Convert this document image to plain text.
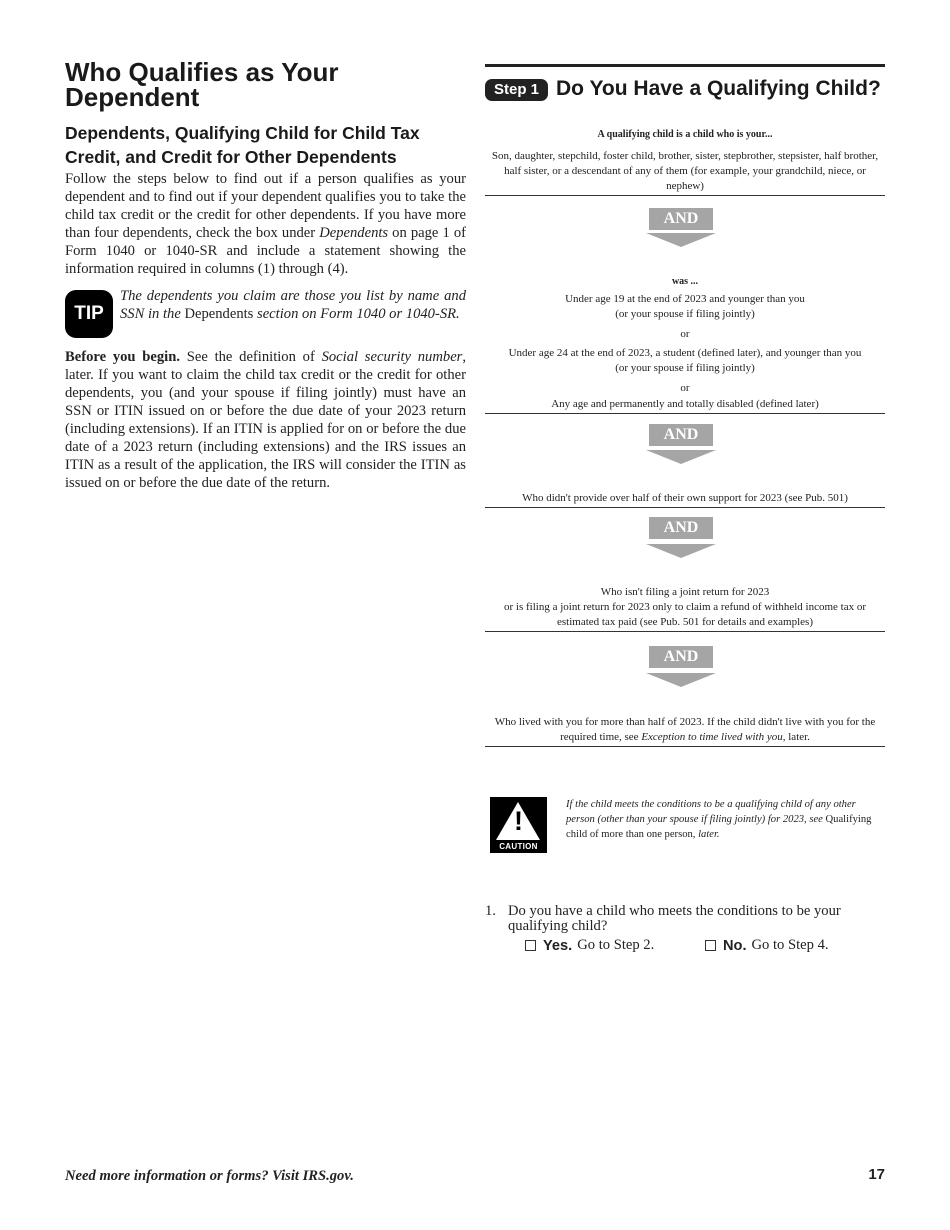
Who Qualifies as Your Dependent
Dependents, Qualifying Child for Child Tax Credit, and Credit for Other Dependents

Follow the steps below to find out if a person qualifies as your dependent and to find out if your dependent qualifies you to take the child tax credit or the credit for other dependents. If you have more than four dependents, check the box under Dependents on page 1 of Form 1040 or 1040-SR and include a statement showing the information required in columns (1) through (4).

TIP

The dependents you claim are those you list by name and SSN in the Dependents section on Form 1040 or 1040-SR.

Before you begin. See the definition of Social security number, later. If you want to claim the child tax credit or the credit for other dependents, you (and your spouse if filing jointly) must have an SSN or ITIN issued on or before the due date of your 2023 return (including extensions). If an ITIN is applied for on or before the due date of a 2023 return (including extensions) and the IRS issues an ITIN as a result of the application, the IRS will consider the ITIN as issued on or before the due date of the return.

Step 1 Do You Have a Qualifying Child?
A qualifying child is a child who is your...
Son, daughter, stepchild, foster child, brother, sister, stepbrother, stepsister, half brother, half sister, or a descendant of any of them (for example, your grandchild, niece, or nephew)
AND
was ...
Under age 19 at the end of 2023 and younger than you
(or your spouse if filing jointly)
or
Under age 24 at the end of 2023, a student (defined later), and younger than you
(or your spouse if filing jointly)
or
Any age and permanently and totally disabled (defined later)
AND
Who didn't provide over half of their own support for 2023 (see Pub. 501)
AND
Who isn't filing a joint return for 2023
or is filing a joint return for 2023 only to claim a refund of withheld income tax or estimated tax paid (see Pub. 501 for details and examples)
AND
Who lived with you for more than half of 2023. If the child didn't live with you for the required time, see Exception to time lived with you, later.
!
CAUTION

If the child meets the conditions to be a qualifying child of any other person (other than your spouse if filing jointly) for 2023, see Qualifying child of more than one person, later.

1. Do you have a child who meets the conditions to be your qualifying child?
Yes. Go to Step 2.	No. Go to Step 4.
Need more information or forms? Visit IRS.gov.	17
